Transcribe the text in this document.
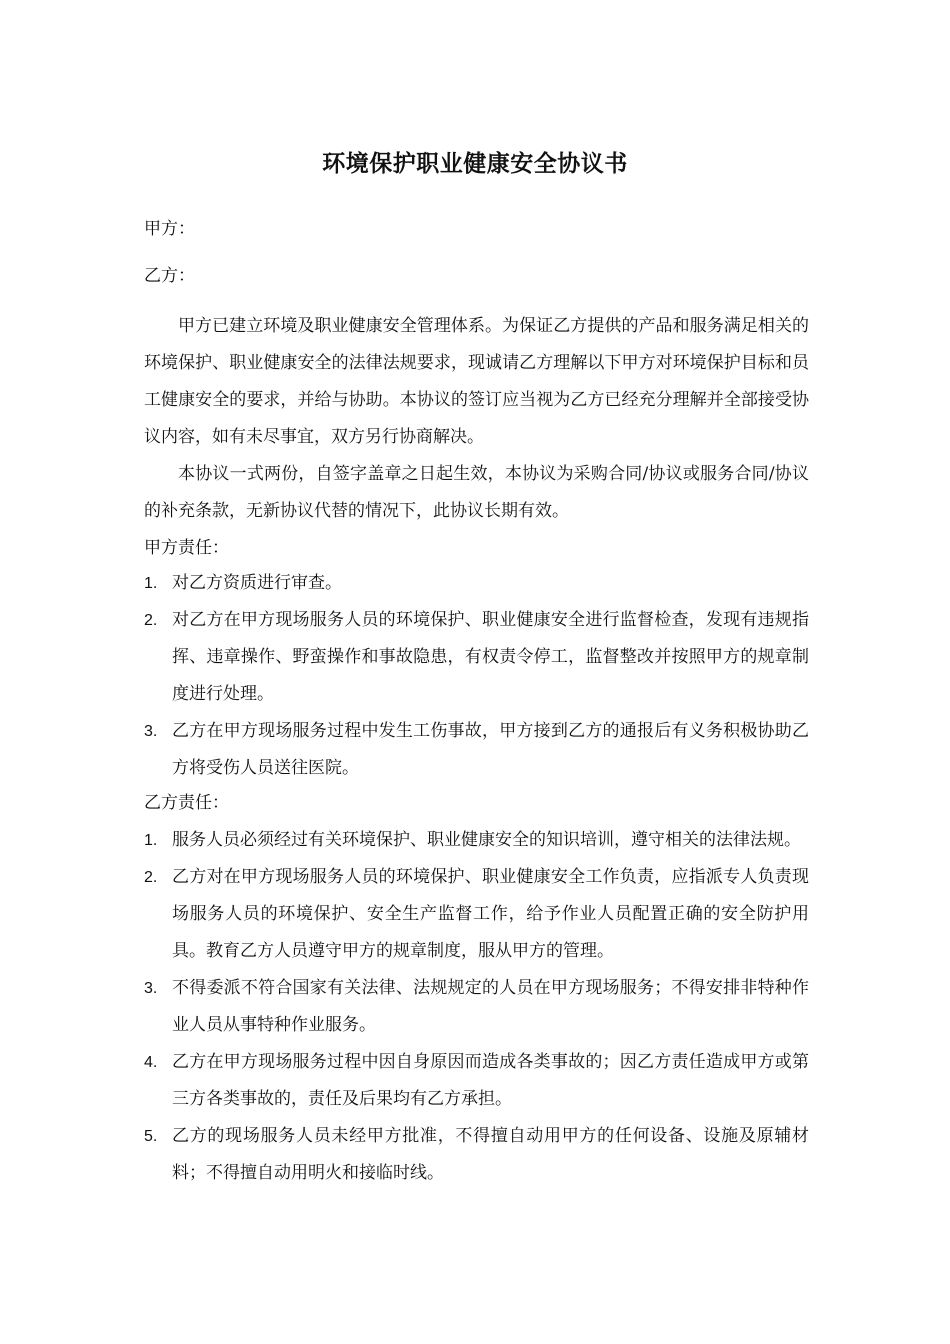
环境保护职业健康安全协议书
甲方：
乙方：

甲方已建立环境及职业健康安全管理体系。为保证乙方提供的产品和服务满足相关的环境保护、职业健康安全的法律法规要求，现诚请乙方理解以下甲方对环境保护目标和员工健康安全的要求，并给与协助。本协议的签订应当视为乙方已经充分理解并全部接受协议内容，如有未尽事宜，双方另行协商解决。

本协议一式两份，自签字盖章之日起生效，本协议为采购合同/协议或服务合同/协议的补充条款，无新协议代替的情况下，此协议长期有效。

甲方责任：
1. 对乙方资质进行审查。
2. 对乙方在甲方现场服务人员的环境保护、职业健康安全进行监督检查，发现有违规指挥、违章操作、野蛮操作和事故隐患，有权责令停工，监督整改并按照甲方的规章制度进行处理。
3. 乙方在甲方现场服务过程中发生工伤事故，甲方接到乙方的通报后有义务积极协助乙方将受伤人员送往医院。
乙方责任：
1. 服务人员必须经过有关环境保护、职业健康安全的知识培训，遵守相关的法律法规。
2. 乙方对在甲方现场服务人员的环境保护、职业健康安全工作负责，应指派专人负责现场服务人员的环境保护、安全生产监督工作，给予作业人员配置正确的安全防护用具。教育乙方人员遵守甲方的规章制度，服从甲方的管理。
3. 不得委派不符合国家有关法律、法规规定的人员在甲方现场服务；不得安排非特种作业人员从事特种作业服务。
4. 乙方在甲方现场服务过程中因自身原因而造成各类事故的；因乙方责任造成甲方或第三方各类事故的，责任及后果均有乙方承担。
5. 乙方的现场服务人员未经甲方批准，不得擅自动用甲方的任何设备、设施及原辅材料；不得擅自动用明火和接临时线。
